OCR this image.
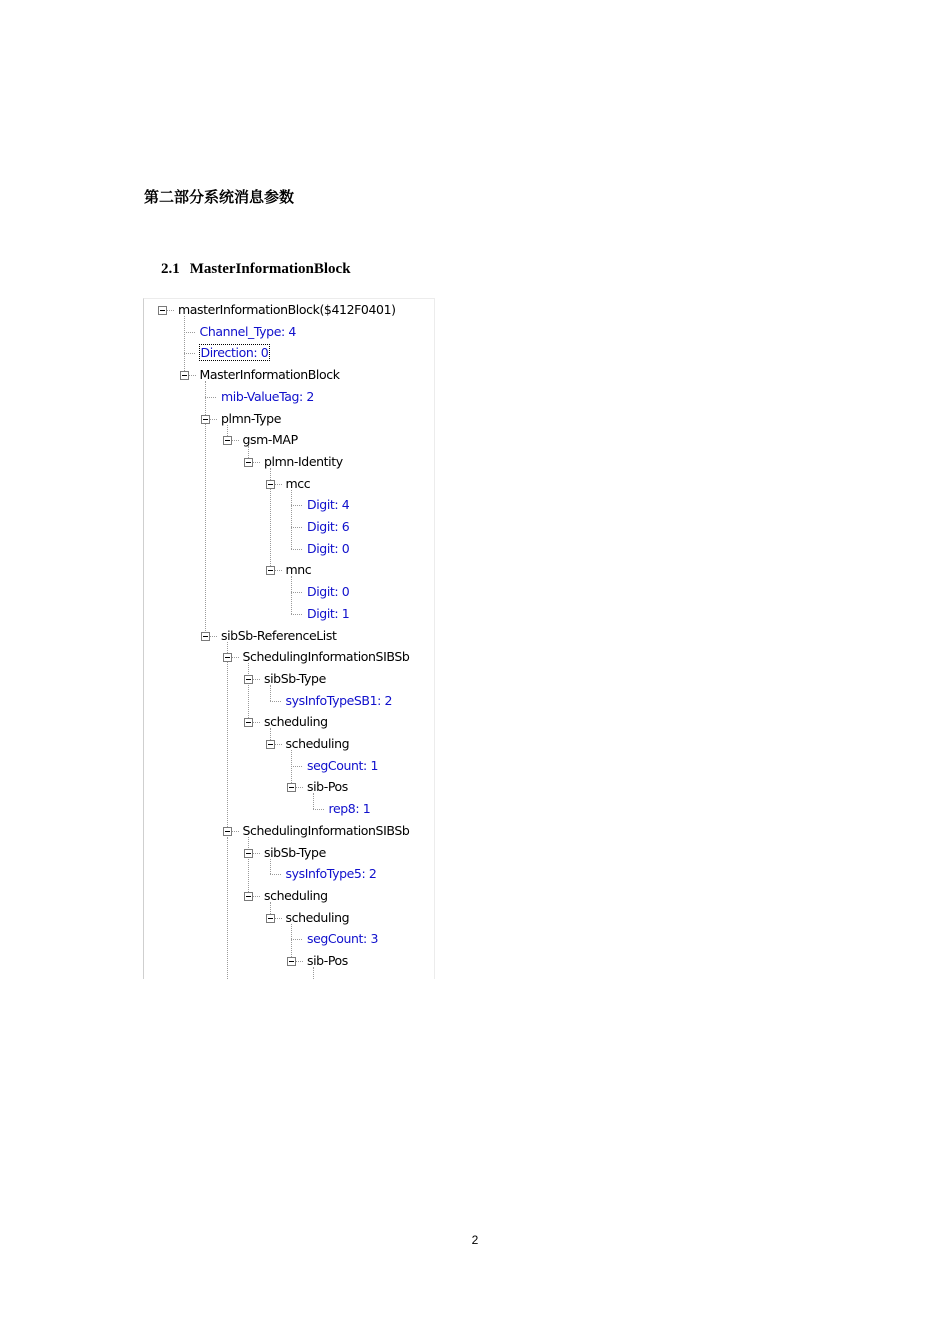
第二部分系统消息参数
2.1 MasterInformationBlock
masterInformationBlock($412F0401)
Channel_Type: 4
Direction: 0
MasterInformationBlock
mib-ValueTag: 2
plmn-Type
gsm-MAP
plmn-Identity
mcc
Digit: 4
Digit: 6
Digit: 0
mnc
Digit: 0
Digit: 1
sibSb-ReferenceList
SchedulingInformationSIBSb
sibSb-Type
sysInfoTypeSB1: 2
scheduling
scheduling
segCount: 1
sib-Pos
rep8: 1
SchedulingInformationSIBSb
sibSb-Type
sysInfoType5: 2
scheduling
scheduling
segCount: 3
sib-Pos
2
